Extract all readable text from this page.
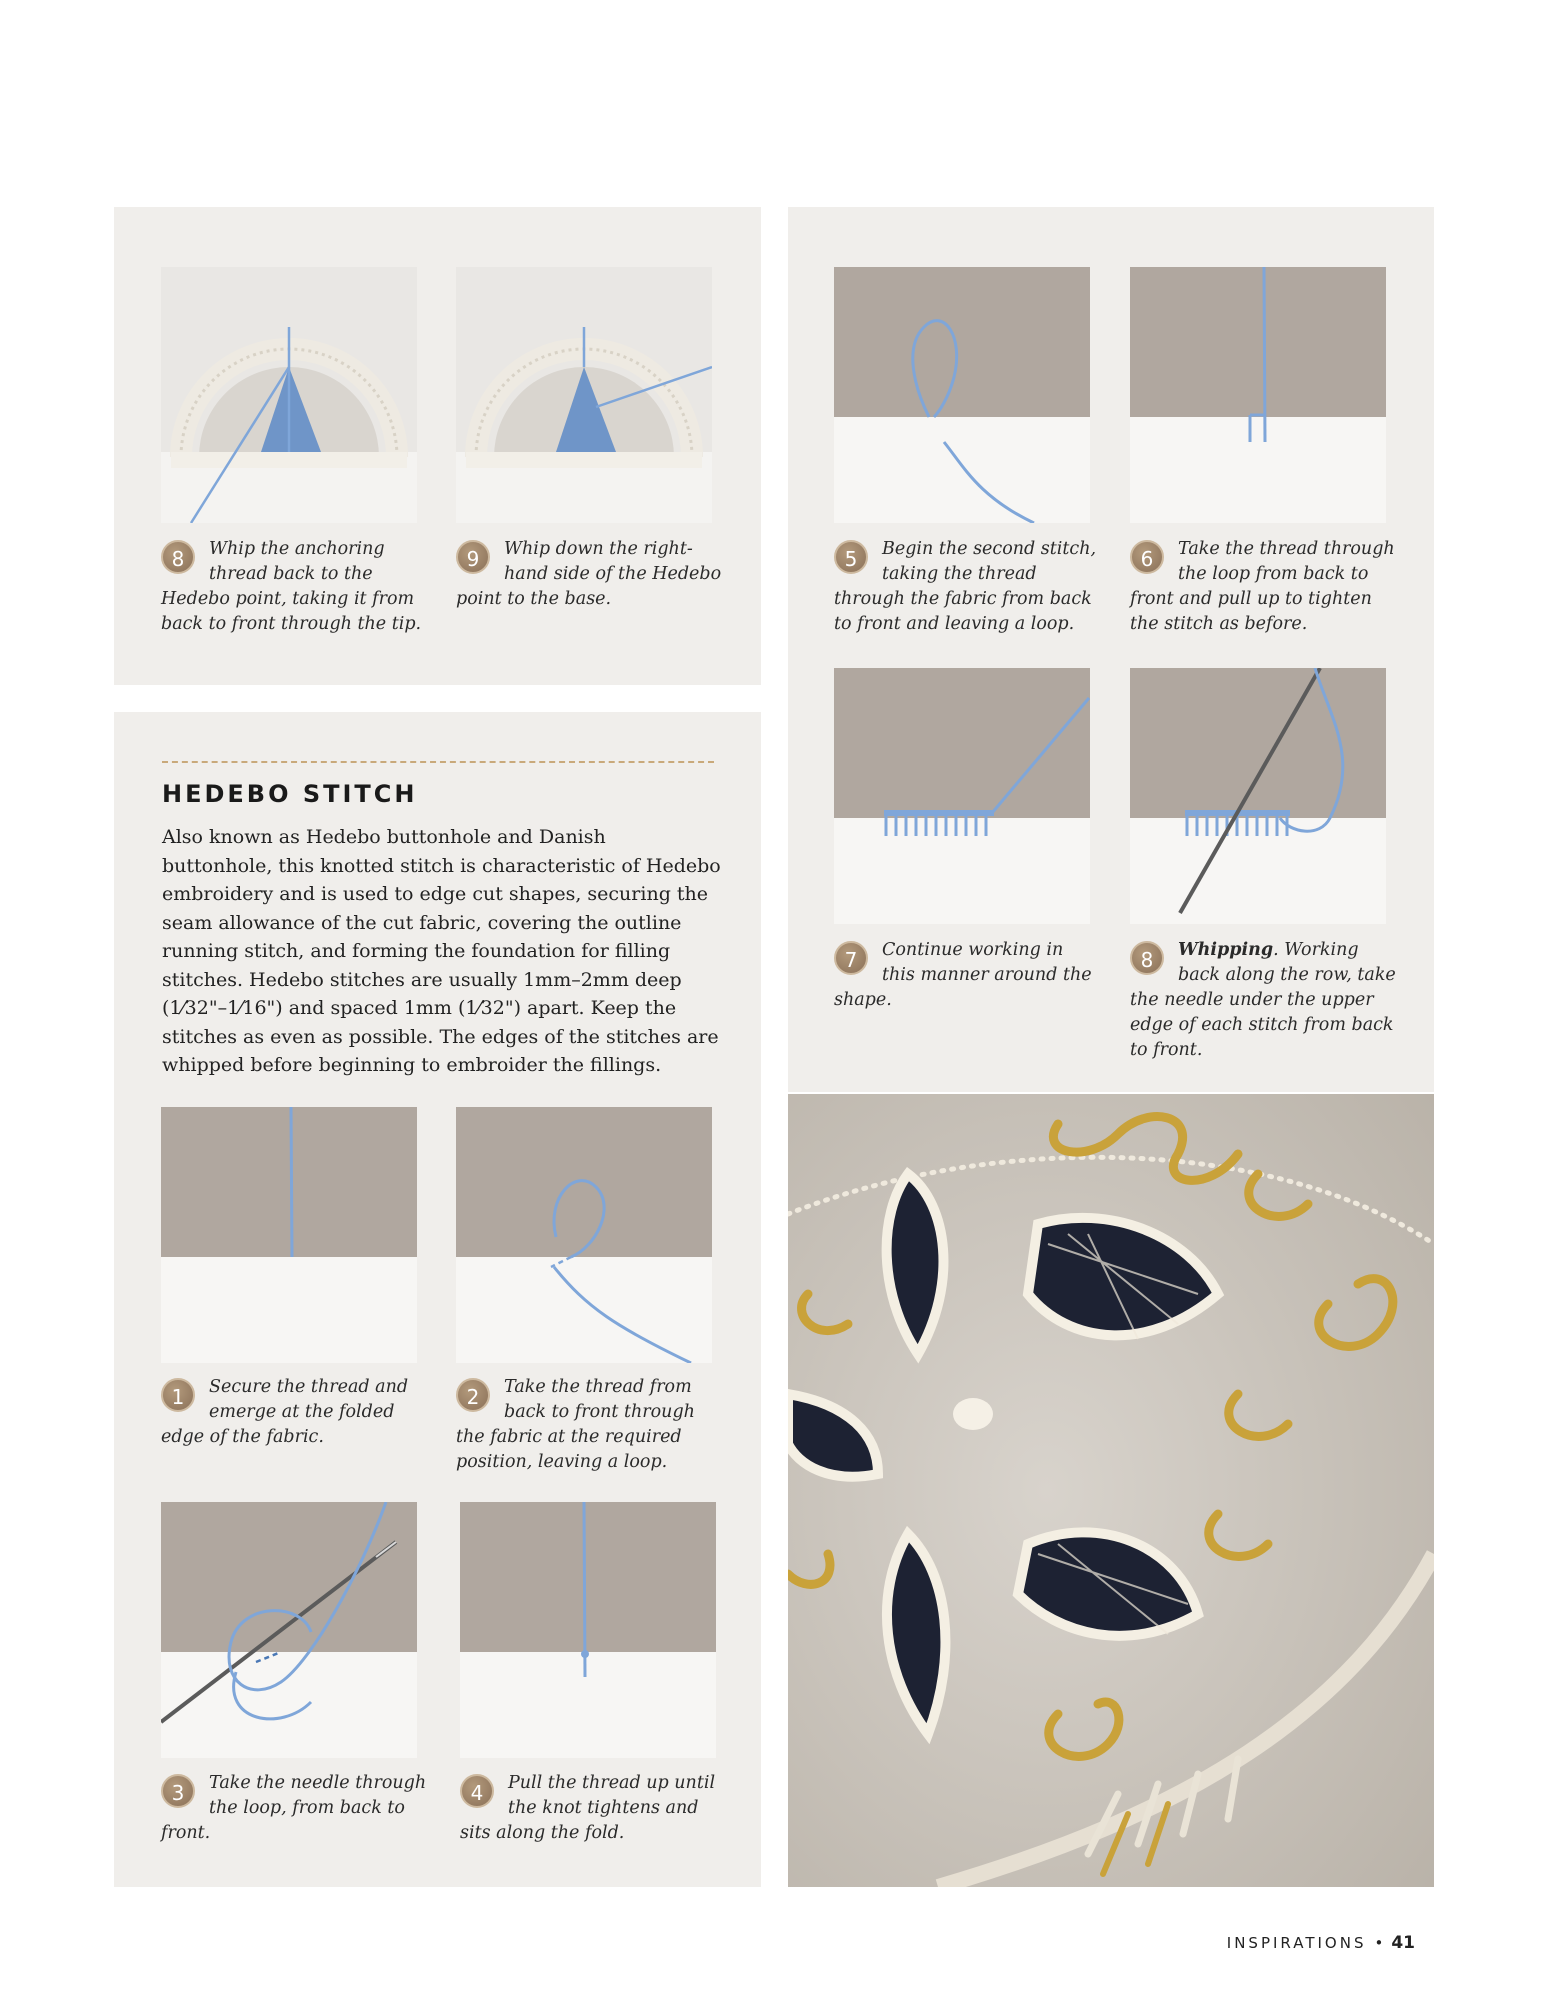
8	Whip the anchoring thread back to the Hedebo point, taking it from back to front through the tip.
9	Whip down the right-hand side of the Hedebo point to the base.
HEDEBO STITCH
Also known as Hedebo buttonhole and Danish buttonhole, this knotted stitch is characteristic of Hedebo embroidery and is used to edge cut shapes, securing the seam allowance of the cut fabric, covering the outline running stitch, and forming the foundation for filling stitches. Hedebo stitches are usually 1mm–2mm deep (1⁄32"–1⁄16") and spaced 1mm (1⁄32") apart. Keep the stitches as even as possible. The edges of the stitches are whipped before beginning to embroider the fillings.
1	Secure the thread and emerge at the folded edge of the fabric.
2	Take the thread from back to front through the fabric at the required position, leaving a loop.
3	Take the needle through the loop, from back to front.
4	Pull the thread up until the knot tightens and sits along the fold.
5	Begin the second stitch, taking the thread through the fabric from back to front and leaving a loop.
6	Take the thread through the loop from back to front and pull up to tighten the stitch as before.
7	Continue working in this manner around the shape.
8	Whipping. Working back along the row, take the needle under the upper edge of each stitch from back to front.
INSPIRATIONS • 41
